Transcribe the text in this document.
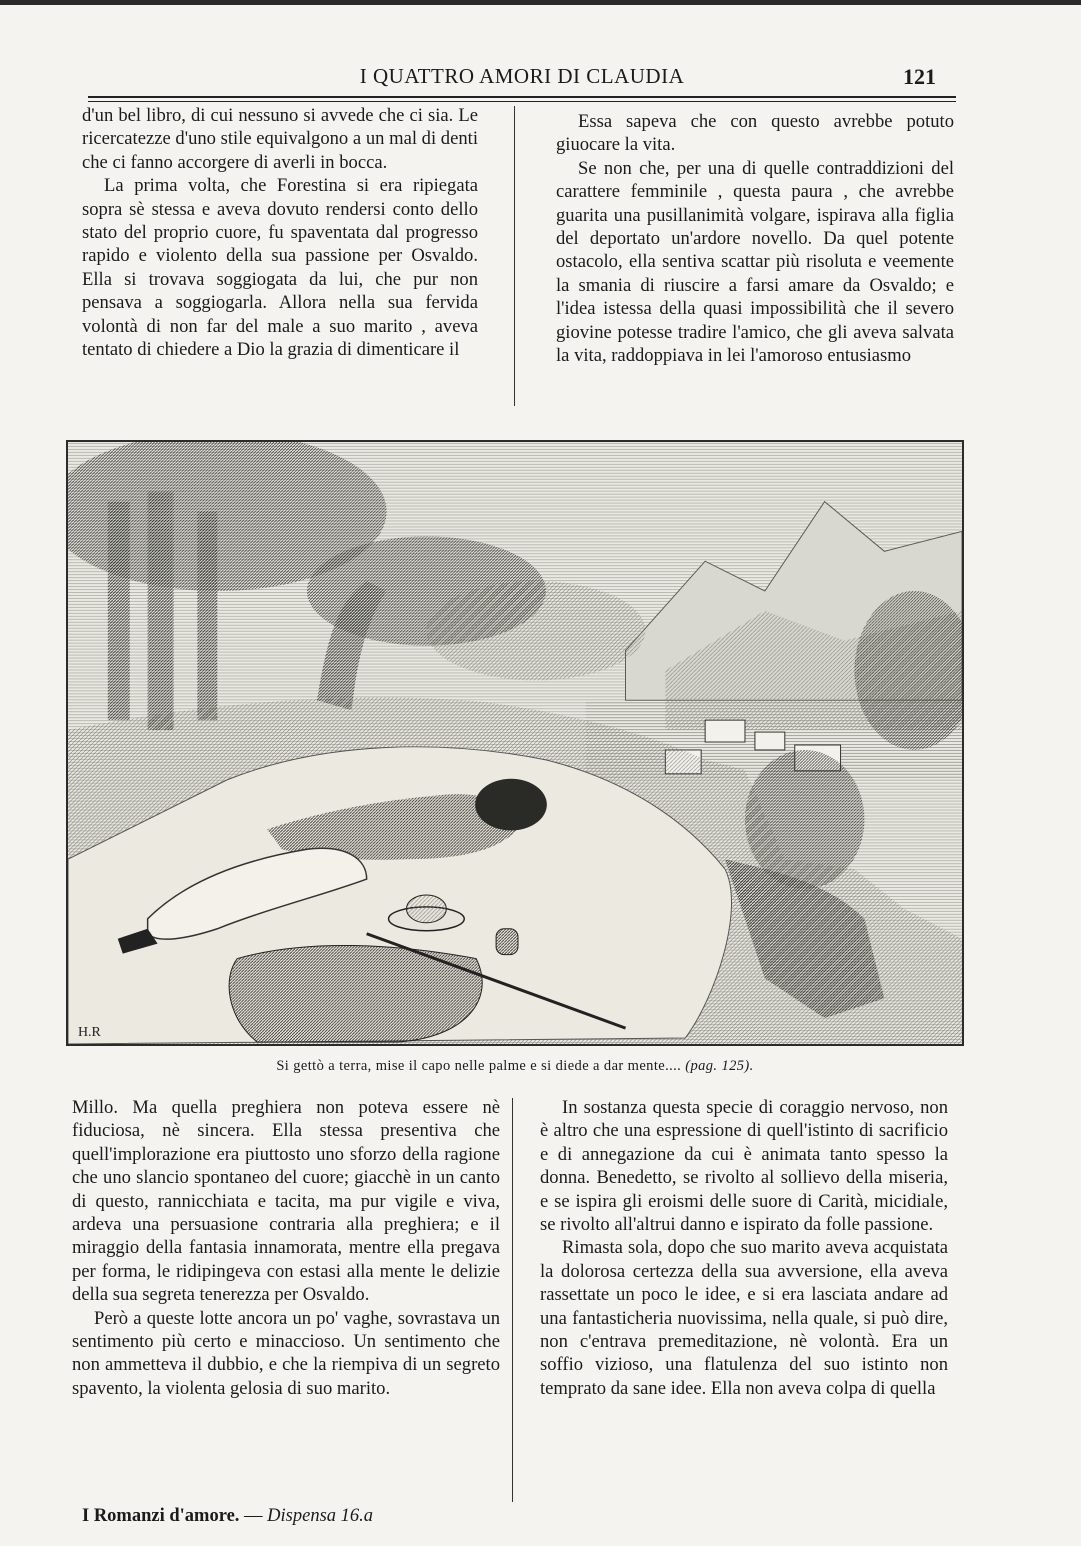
I QUATTRO AMORI DI CLAUDIA	121

d'un bel libro, di cui nessuno si avvede che ci sia. Le ricercatezze d'uno stile equivalgono a un mal di denti che ci fanno accorgere di averli in bocca.

La prima volta, che Forestina si era ripiegata sopra sè stessa e aveva dovuto rendersi conto dello stato del proprio cuore, fu spaventata dal progresso rapido e violento della sua passione per Osvaldo. Ella si trovava soggiogata da lui, che pur non pensava a soggiogarla. Allora nella sua fervida volontà di non far del male a suo marito , aveva tentato di chiedere a Dio la grazia di dimenticare il

Essa sapeva che con questo avrebbe potuto giuocare la vita.

Se non che, per una di quelle contraddizioni del carattere femminile , questa paura , che avrebbe guarita una pusillanimità volgare, ispirava alla figlia del deportato un'ardore novello. Da quel potente ostacolo, ella sentiva scattar più risoluta e veemente la smania di riuscire a farsi amare da Osvaldo; e l'idea istessa della quasi impossibilità che il severo giovine potesse tradire l'amico, che gli aveva salvata la vita, raddoppiava in lei l'amoroso entusiasmo

H.R
Si gettò a terra, mise il capo nelle palme e si diede a dar mente.... (pag. 125).

Millo. Ma quella preghiera non poteva essere nè fiduciosa, nè sincera. Ella stessa presentiva che quell'implorazione era piuttosto uno sforzo della ragione che uno slancio spontaneo del cuore; giacchè in un canto di questo, rannicchiata e tacita, ma pur vigile e viva, ardeva una persuasione contraria alla preghiera; e il miraggio della fantasia innamorata, mentre ella pregava per forma, le ridipingeva con estasi alla mente le delizie della sua segreta tenerezza per Osvaldo.

Però a queste lotte ancora un po' vaghe, sovrastava un sentimento più certo e minaccioso. Un sentimento che non ammetteva il dubbio, e che la riempiva di un segreto spavento, la violenta gelosia di suo marito.

In sostanza questa specie di coraggio nervoso, non è altro che una espressione di quell'istinto di sacrificio e di annegazione da cui è animata tanto spesso la donna. Benedetto, se rivolto al sollievo della miseria, e se ispira gli eroismi delle suore di Carità, micidiale, se rivolto all'altrui danno e ispirato da folle passione.

Rimasta sola, dopo che suo marito aveva acquistata la dolorosa certezza della sua avversione, ella aveva rassettate un poco le idee, e si era lasciata andare ad una fantasticheria nuovissima, nella quale, si può dire, non c'entrava premeditazione, nè volontà. Era un soffio vizioso, una flatulenza del suo istinto non temprato da sane idee. Ella non aveva colpa di quella

I Romanzi d'amore. — Dispensa 16.a
